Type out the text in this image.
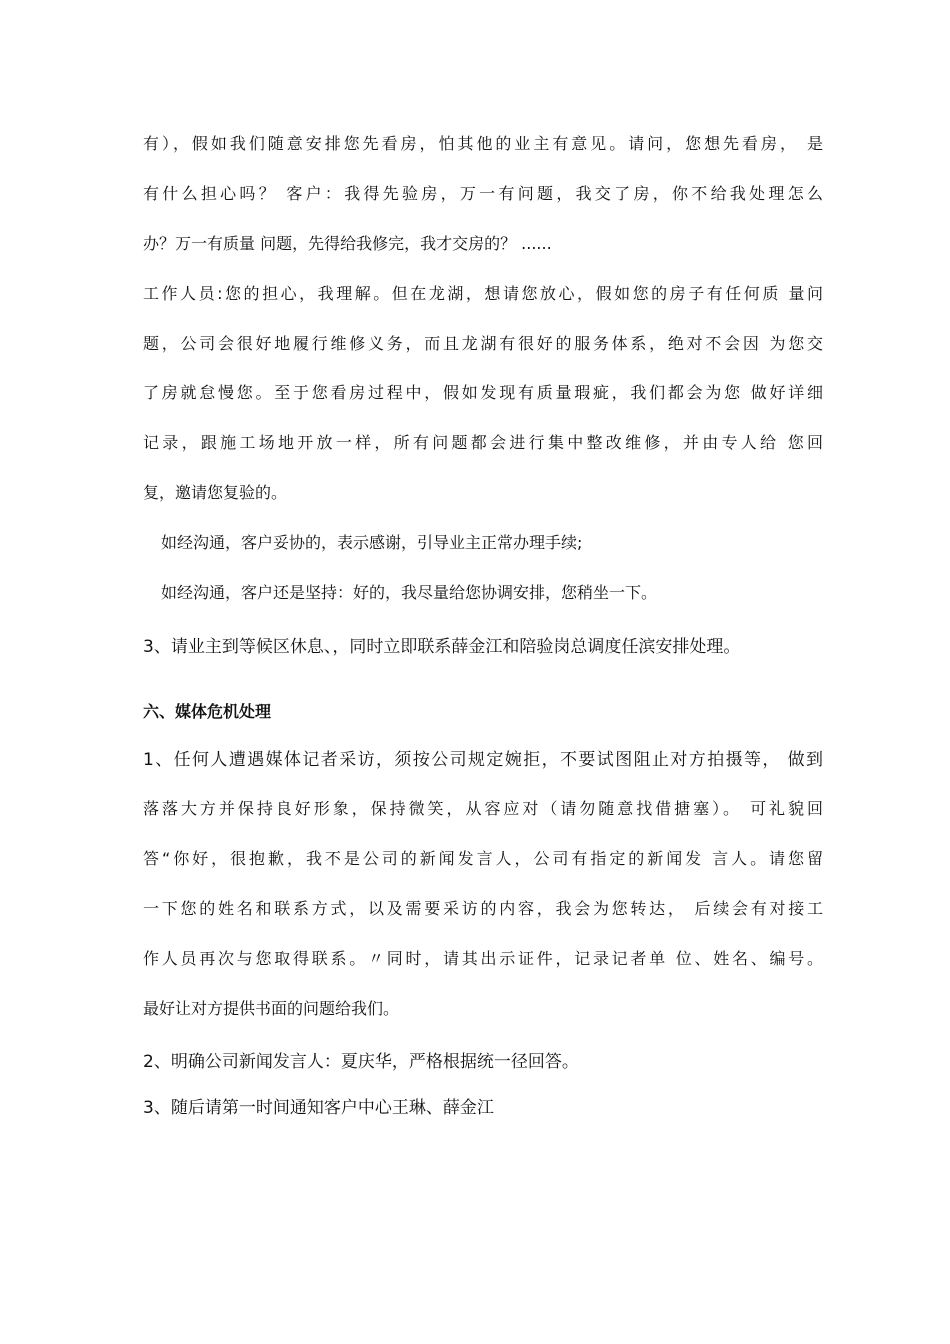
有），假如我们随意安排您先看房，怕其他的业主有意见。请问，您想先看房， 是
有什么担心吗？ 客户：我得先验房，万一有问题，我交了房，你不给我处理怎么
办？万一有质量 问题，先得给我修完，我才交房的？ ......
工作人员:您的担心，我理解。但在龙湖，想请您放心，假如您的房子有任何质 量问
题，公司会很好地履行维修义务，而且龙湖有很好的服务体系，绝对不会因 为您交
了房就怠慢您。至于您看房过程中，假如发现有质量瑕疵，我们都会为您 做好详细
记录，跟施工场地开放一样，所有问题都会进行集中整改维修，并由专人给 您回
复，邀请您复验的。
如经沟通，客户妥协的，表示感谢，引导业主正常办理手续;
如经沟通，客户还是坚持：好的，我尽量给您协调安排，您稍坐一下。
3、请业主到等候区休息、，同时立即联系薛金江和陪验岗总调度任滨安排处理。
六、媒体危机处理
1、任何人遭遇媒体记者采访，须按公司规定婉拒，不要试图阻止对方拍摄等， 做到
落落大方并保持良好形象，保持微笑，从容应对（请勿随意找借搪塞）。 可礼貌回
答“你好，很抱歉，我不是公司的新闻发言人，公司有指定的新闻发 言人。请您留
一下您的姓名和联系方式，以及需要采访的内容，我会为您转达， 后续会有对接工
作人员再次与您取得联系。〃同时，请其出示证件，记录记者单 位、姓名、编号。
最好让对方提供书面的问题给我们。
2、明确公司新闻发言人：夏庆华，严格根据统一径回答。
3、随后请第一时间通知客户中心王琳、薛金江
